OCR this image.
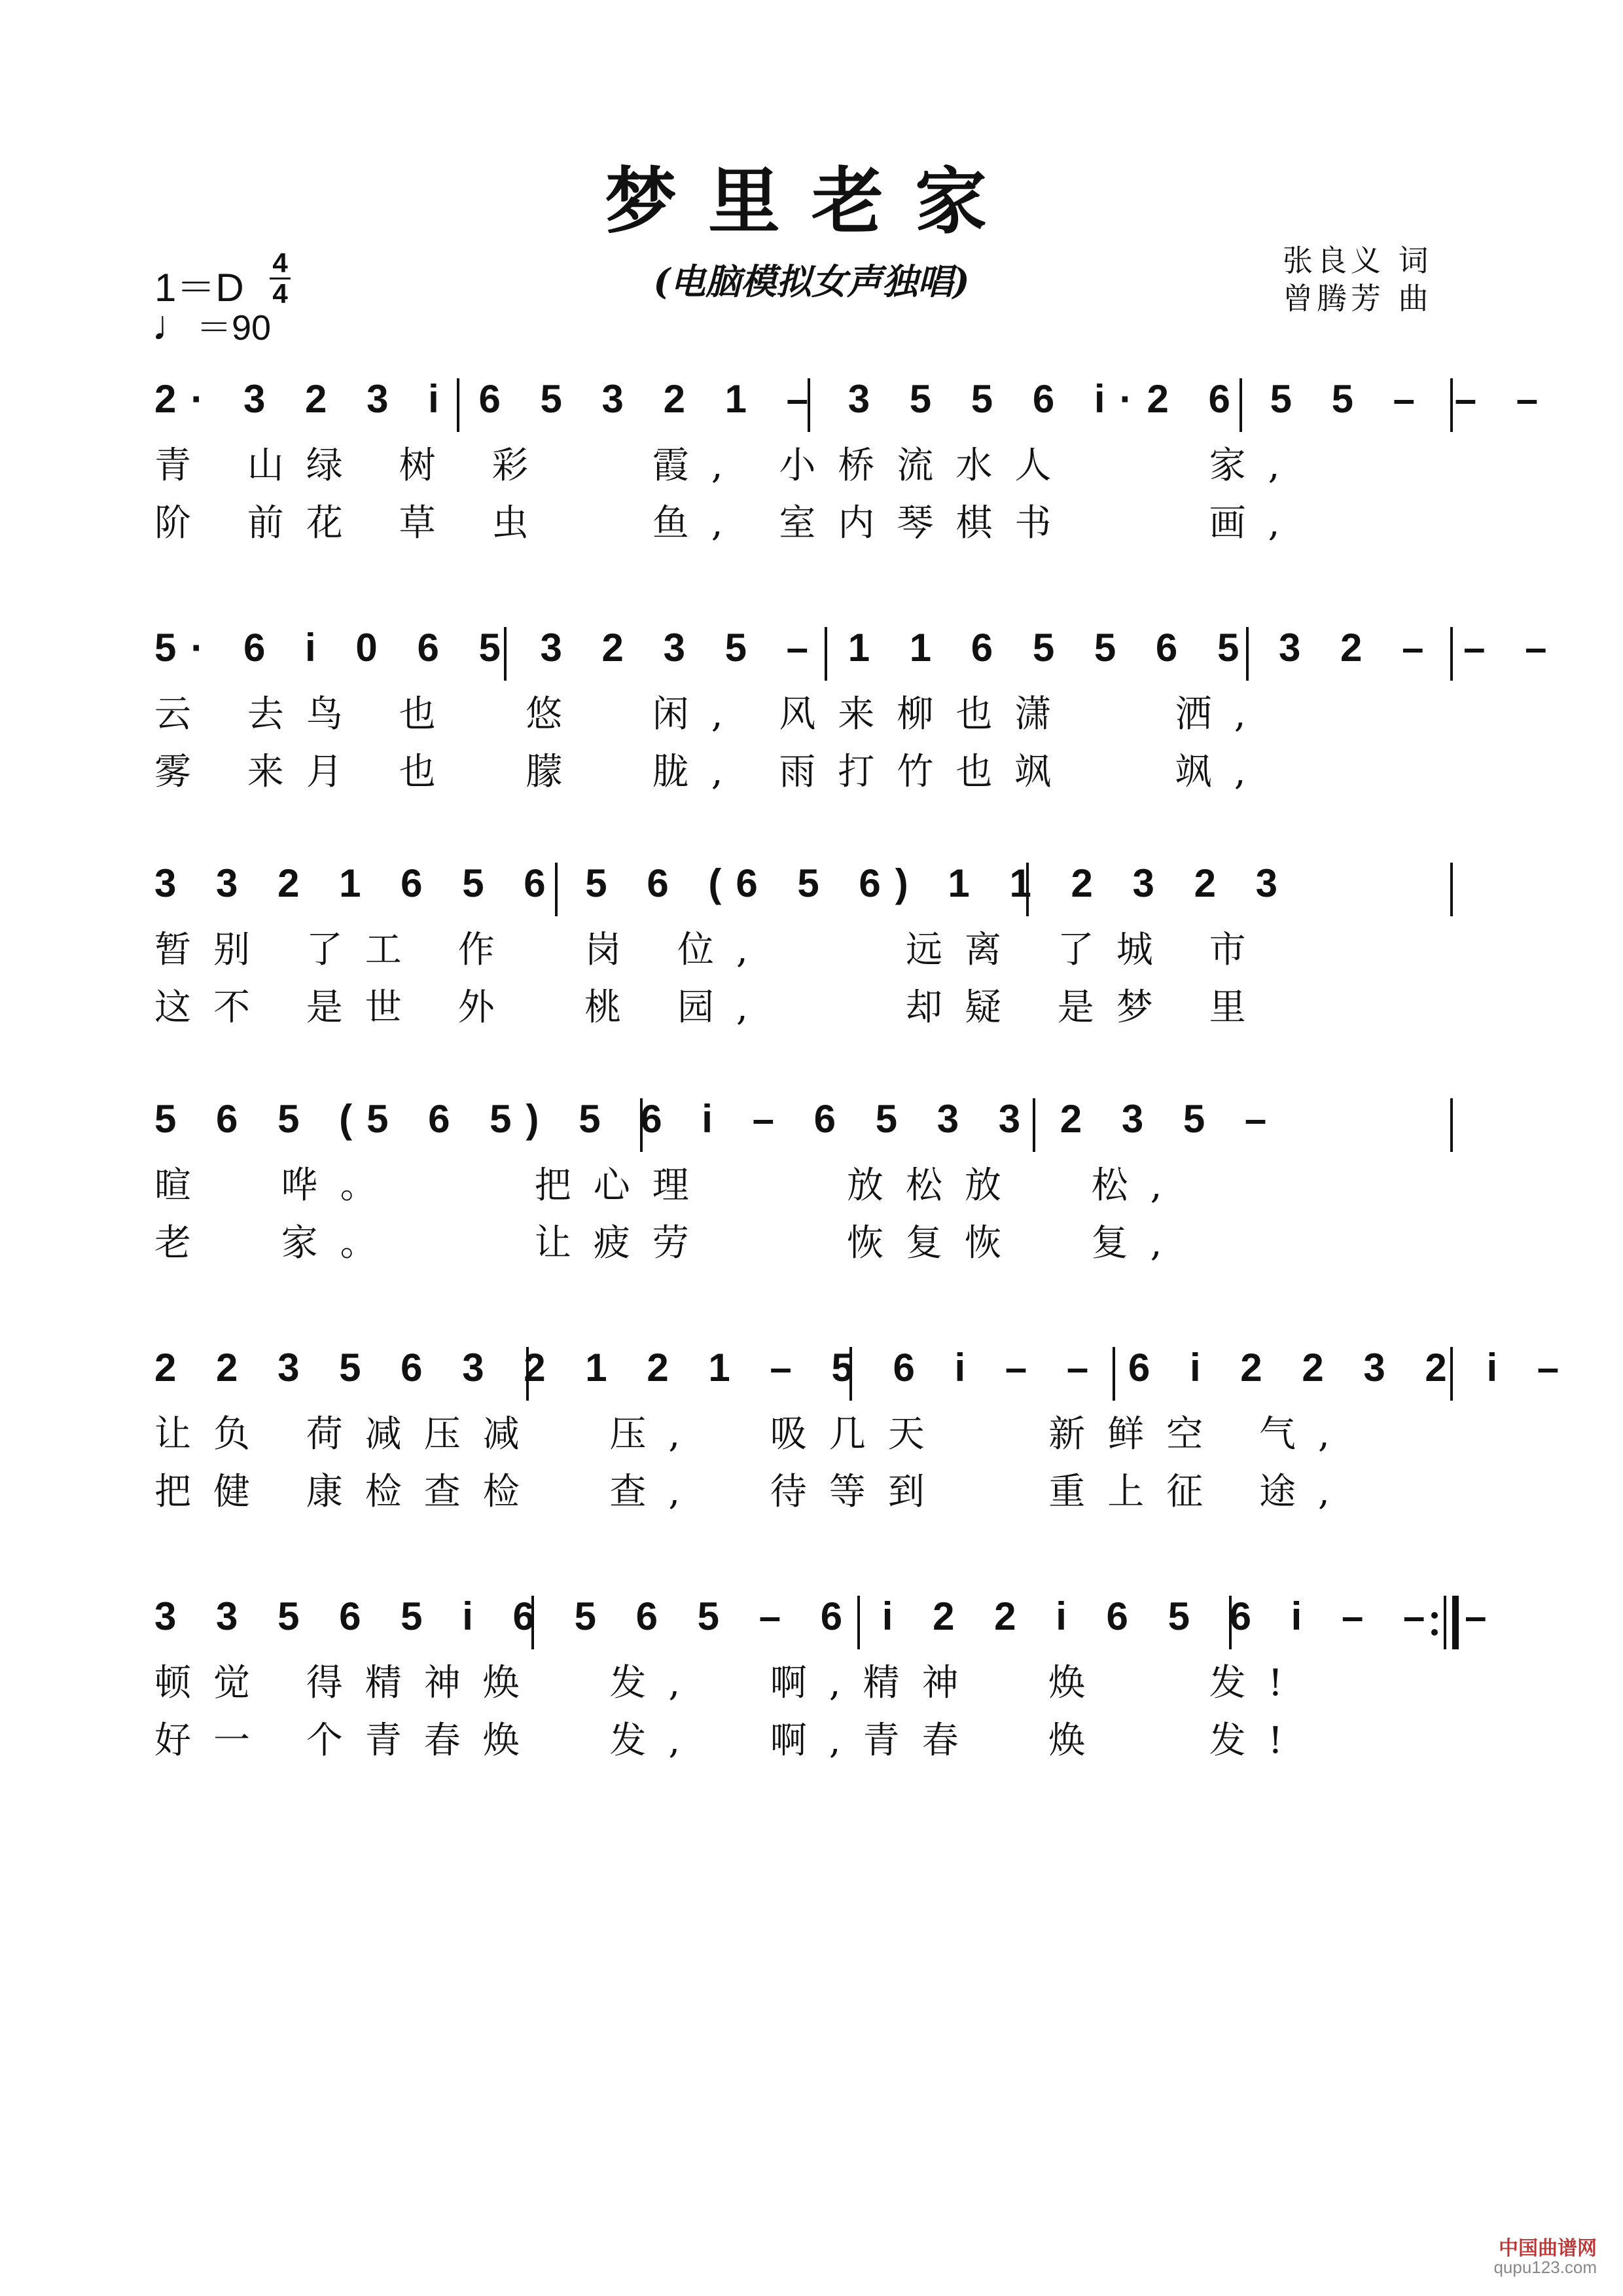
梦里老家
(电脑模拟女声独唱)
1＝D
4
4
♩＝90
张良义 词
曾腾芳 曲
2· 3 2 3 i 6 5 3 2 1 – 3 5 5 6 i·2 6 5 5 – – –
青 山绿 树 彩   霞, 小桥流水人    家,
阶 前花 草 虫   鱼, 室内琴棋书    画,
5· 6 i 0 6 5 3 2 3 5 – 1 1 6 5 5 6 5 3 2 – – –
云 去鸟 也  悠  闲, 风来柳也潇   洒,
雾 来月 也  朦  胧, 雨打竹也飒   飒,
3 3 2 1 6 5 6 5 6 (6 5 6) 1 1 2 3 2 3
暂别 了工 作  岗 位,    远离 了城 市
这不 是世 外  桃 园,    却疑 是梦 里
5 6 5 (5 6 5) 5 6 i – 6 5 3 3 2 3 5 –
暄  哗。    把心理    放松放  松,
老  家。    让疲劳    恢复恢  复,
2 2 3 5 6 3 2 1 2 1 – 5 6 i – – 6 i 2 2 3 2 i –
让负 荷减压减  压,  吸几天   新鲜空 气,
把健 康检查检  查,  待等到   重上征 途,
3 3 5 6 5 i 6 5 6 5 – 6 i 2 2 i 6 5 6 i – – –
顿觉 得精神焕  发,  啊,精神  焕   发!
好一 个青春焕  发,  啊,青春  焕   发!
中国曲谱网
qupu123.com
